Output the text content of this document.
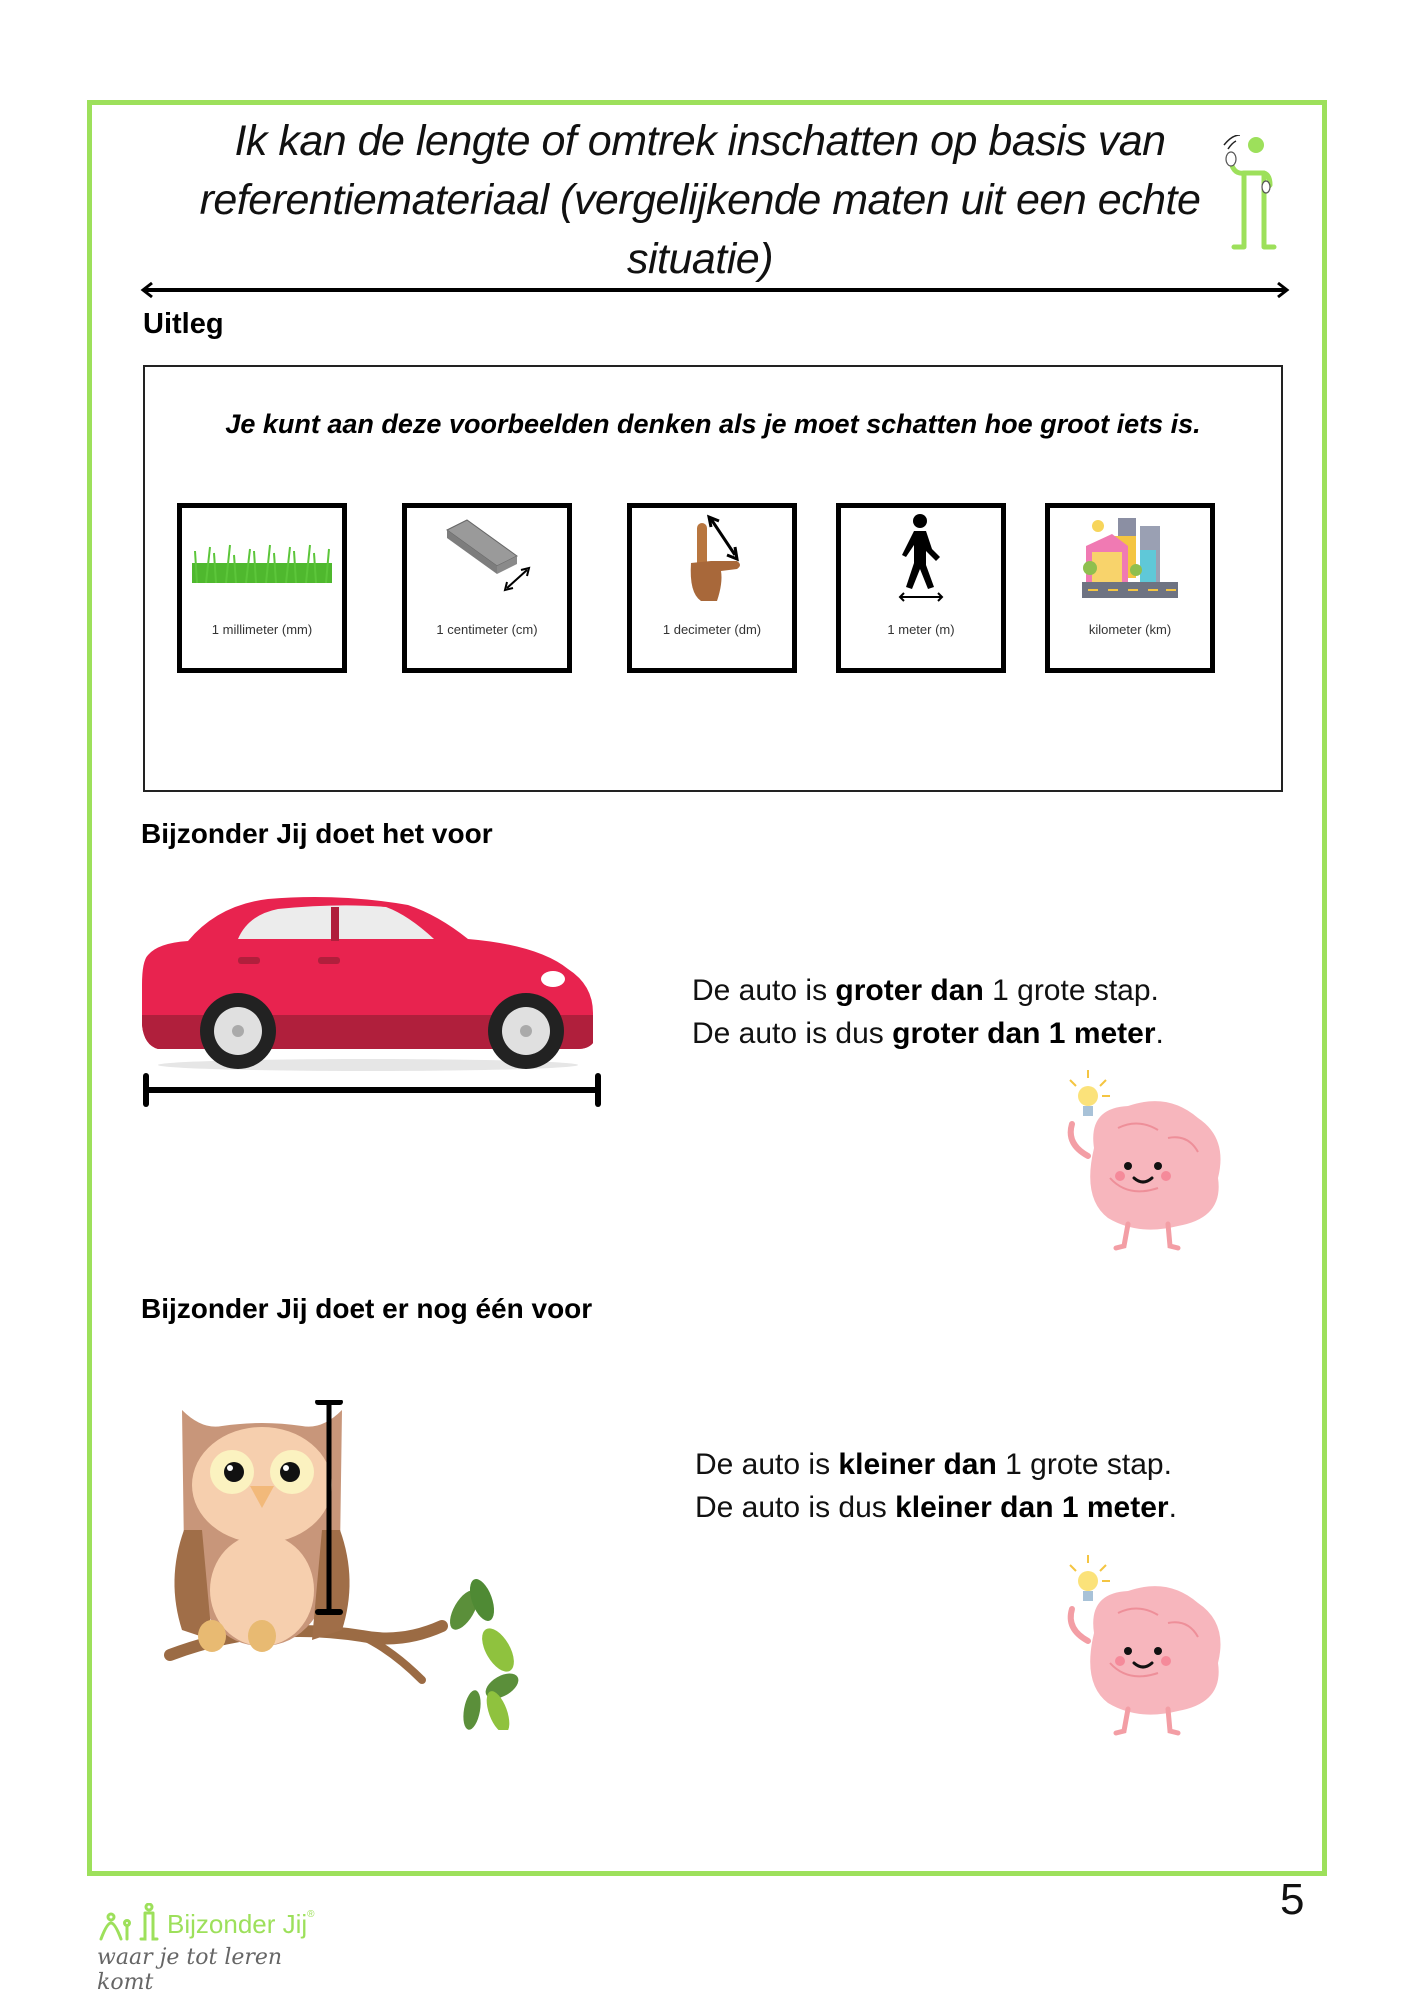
Ik kan de lengte of omtrek inschatten op basis van
referentiemateriaal (vergelijkende maten uit een echte
situatie)
Uitleg
Je kunt aan deze voorbeelden denken als je moet schatten hoe groot iets is.
1 millimeter (mm)	1 centimeter (cm)	1 decimeter (dm)	1 meter (m)	kilometer (km)
Bijzonder Jij doet het voor
De auto is groter dan 1 grote stap.
De auto is dus groter dan 1 meter.
Bijzonder Jij doet er nog één voor
De auto is kleiner dan 1 grote stap.
De auto is dus kleiner dan 1 meter.
5
Bijzonder Jij®
waar je tot leren komt
